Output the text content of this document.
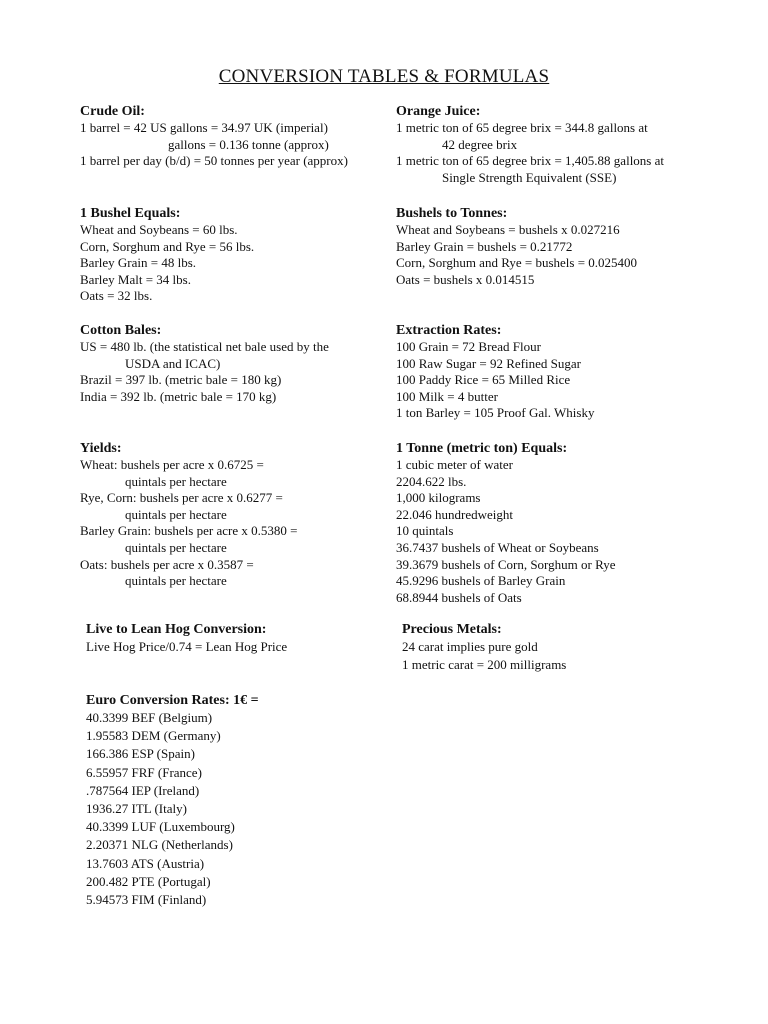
CONVERSION TABLES & FORMULAS
Crude Oil:
1 barrel = 42 US gallons = 34.97 UK (imperial)
gallons = 0.136 tonne (approx)
1 barrel per day (b/d) = 50 tonnes per year (approx)
Orange Juice:
1 metric ton of 65 degree brix = 344.8 gallons at
42 degree brix
1 metric ton of 65 degree brix = 1,405.88 gallons at
Single Strength Equivalent (SSE)
1 Bushel Equals:
Wheat and Soybeans = 60 lbs.
Corn, Sorghum and Rye = 56 lbs.
Barley Grain = 48 lbs.
Barley Malt = 34 lbs.
Oats = 32 lbs.
Bushels to Tonnes:
Wheat and Soybeans = bushels x 0.027216
Barley Grain = bushels = 0.21772
Corn, Sorghum and Rye = bushels = 0.025400
Oats = bushels x 0.014515
Cotton Bales:
US = 480 lb. (the statistical net bale used by the
USDA and ICAC)
Brazil = 397 lb. (metric bale = 180 kg)
India = 392 lb. (metric bale = 170 kg)
Extraction Rates:
100 Grain = 72 Bread Flour
100 Raw Sugar = 92 Refined Sugar
100 Paddy Rice = 65 Milled Rice
100 Milk = 4 butter
1 ton Barley = 105 Proof Gal. Whisky
Yields:
Wheat: bushels per acre x 0.6725 =
quintals per hectare
Rye, Corn: bushels per acre x 0.6277 =
quintals per hectare
Barley Grain: bushels per acre x 0.5380 =
quintals per hectare
Oats: bushels per acre x 0.3587 =
quintals per hectare
1 Tonne (metric ton) Equals:
1 cubic meter of water
2204.622 lbs.
1,000 kilograms
22.046 hundredweight
10 quintals
36.7437 bushels of Wheat or Soybeans
39.3679 bushels of Corn, Sorghum or Rye
45.9296 bushels of Barley Grain
68.8944 bushels of Oats
Live to Lean Hog Conversion:
Live Hog Price/0.74 = Lean Hog Price
Precious Metals:
24 carat implies pure gold
1 metric carat = 200 milligrams
Euro Conversion Rates: 1€ =
40.3399 BEF (Belgium)
1.95583 DEM (Germany)
166.386 ESP (Spain)
6.55957 FRF (France)
.787564 IEP (Ireland)
1936.27 ITL (Italy)
40.3399 LUF (Luxembourg)
2.20371 NLG (Netherlands)
13.7603 ATS (Austria)
200.482 PTE (Portugal)
5.94573 FIM (Finland)
